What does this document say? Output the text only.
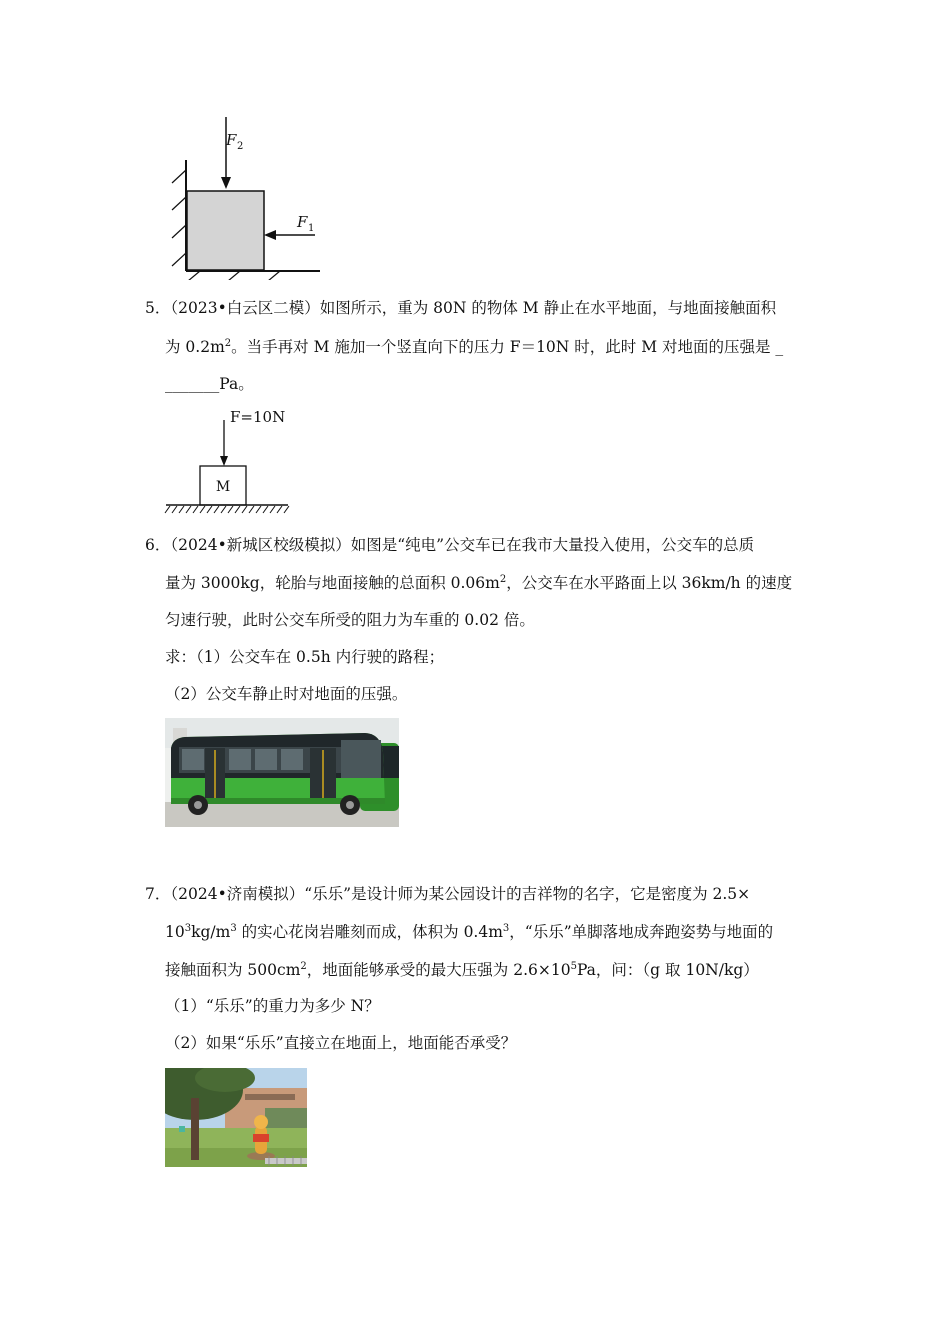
F 2
F 1
5．（2023•白云区二模）如图所示，重为 80N 的物体 M 静止在水平地面，与地面接触面积
为 $0.2m^2$。当手再对 M 施加一个竖直向下的压力 F＝10N 时，此时 M 对地面的压强是 _
_______Pa。
F=10N
M
6．（2024•新城区校级模拟）如图是“纯电”公交车已在我市大量投入使用，公交车的总质
量为 3000kg，轮胎与地面接触的总面积 $0.06m^2$，公交车在水平路面上以 36km/h 的速度
匀速行驶，此时公交车所受的阻力为车重的 0.02 倍。
求：（1）公交车在 0.5h 内行驶的路程；
（2）公交车静止时对地面的压强。
7．（2024•济南模拟）“乐乐”是设计师为某公园设计的吉祥物的名字，它是密度为 2.5×
$10^3kg/m^3$ 的实心花岗岩雕刻而成，体积为 $0.4m^3$，“乐乐”单脚落地成奔跑姿势与地面的
接触面积为 $500cm^2$，地面能够承受的最大压强为 $2.6\times 10^5Pa$，问：（g 取 10N/kg）
（1）“乐乐”的重力为多少 N？
（2）如果“乐乐”直接立在地面上，地面能否承受？
